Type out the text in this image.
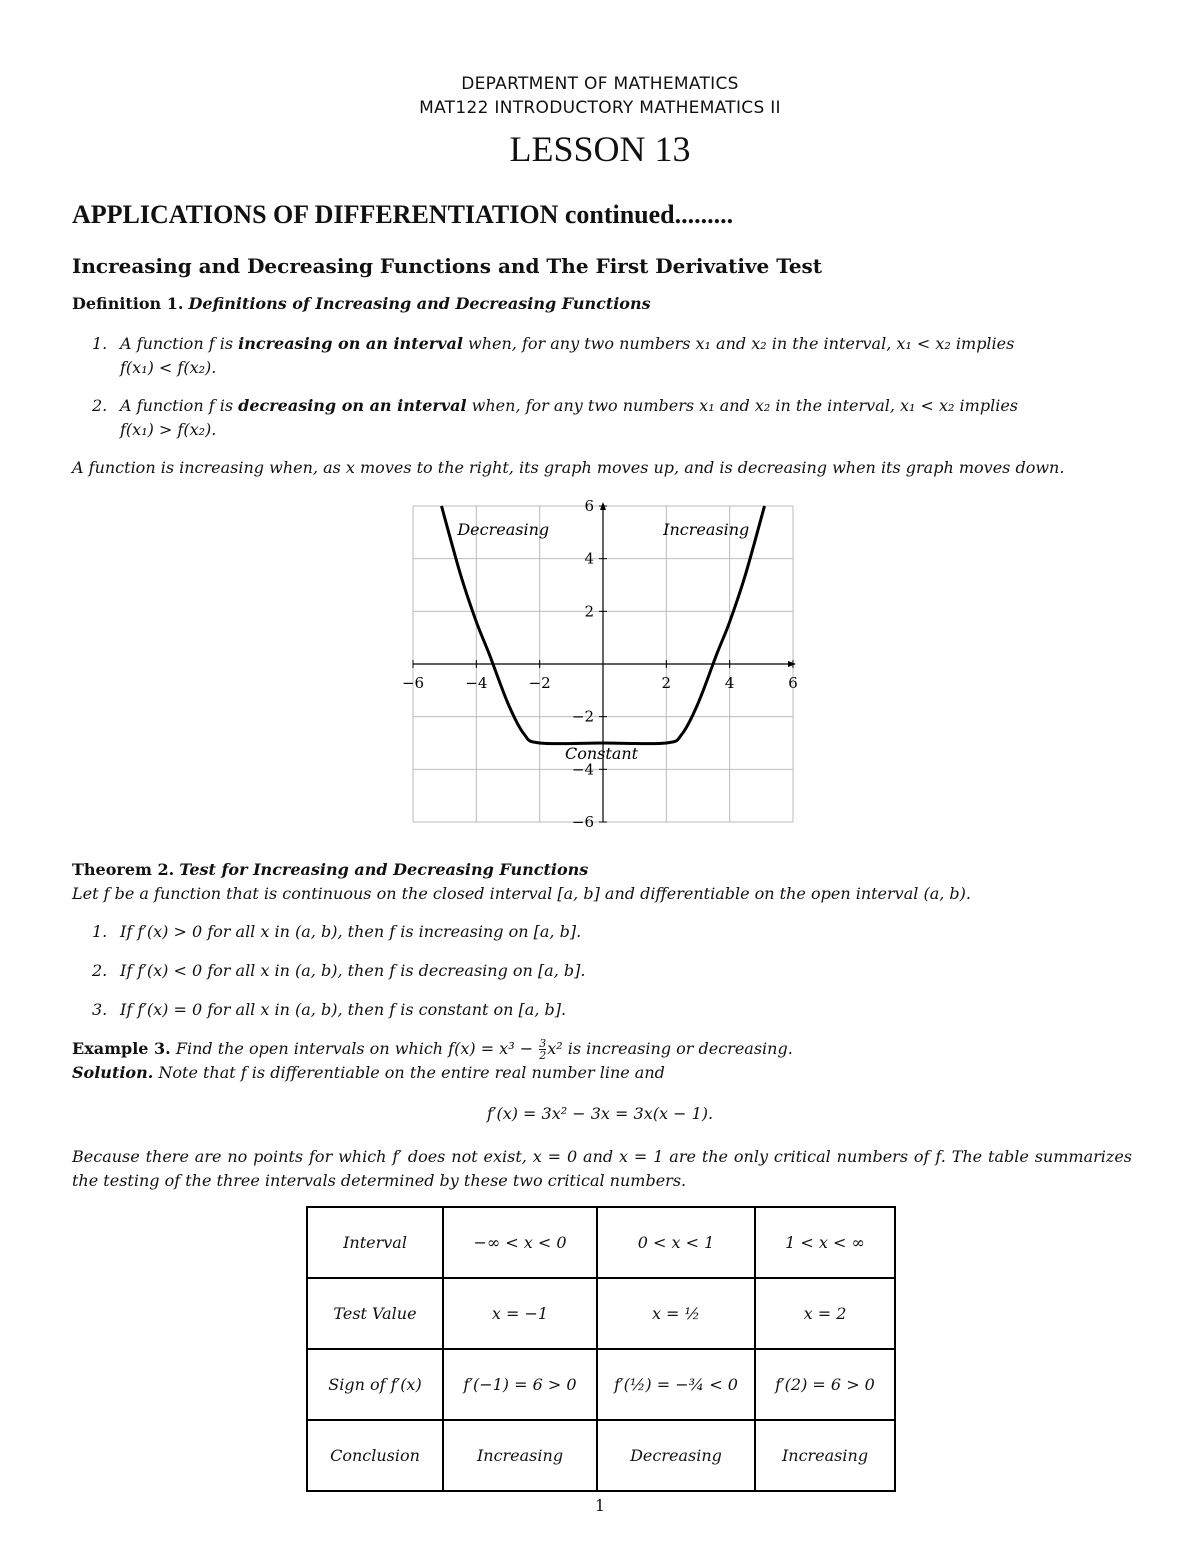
DEPARTMENT OF MATHEMATICS
MAT122 INTRODUCTORY MATHEMATICS II
LESSON 13
APPLICATIONS OF DIFFERENTIATION continued.........
Increasing and Decreasing Functions and The First Derivative Test
Definition 1. Definitions of Increasing and Decreasing Functions
1. A function f is increasing on an interval when, for any two numbers x₁ and x₂ in the interval, x₁ < x₂ implies
f(x₁) < f(x₂).
2. A function f is decreasing on an interval when, for any two numbers x₁ and x₂ in the interval, x₁ < x₂ implies
f(x₁) > f(x₂).
A function is increasing when, as x moves to the right, its graph moves up, and is decreasing when its graph moves down.
−6	−4	−2	2	4	6
−6
−4
−2
2
4
6
Decreasing	Increasing
Constant
Theorem 2. Test for Increasing and Decreasing Functions
Let f be a function that is continuous on the closed interval [a, b] and differentiable on the open interval (a, b).
1. If f′(x) > 0 for all x in (a, b), then f is increasing on [a, b].
2. If f′(x) < 0 for all x in (a, b), then f is decreasing on [a, b].
3. If f′(x) = 0 for all x in (a, b), then f is constant on [a, b].
Example 3. Find the open intervals on which $f(x) = x^3 - \frac{3}{2} x^2$ is increasing or decreasing.
Solution. Note that f is differentiable on the entire real number line and
f′(x) = 3x² − 3x = 3x(x − 1).
Because there are no points for which f′ does not exist, x = 0 and x = 1 are the only critical numbers of f. The table summarizes the testing of the three intervals determined by these two critical numbers.
Interval	−∞ < x < 0	0 < x < 1	1 < x < ∞
Test Value	x = −1	x = ½	x = 2
Sign of f′(x)	f′(−1) = 6 > 0	f′(½) = −¾ < 0	f′(2) = 6 > 0
Conclusion	Increasing	Decreasing	Increasing
1
